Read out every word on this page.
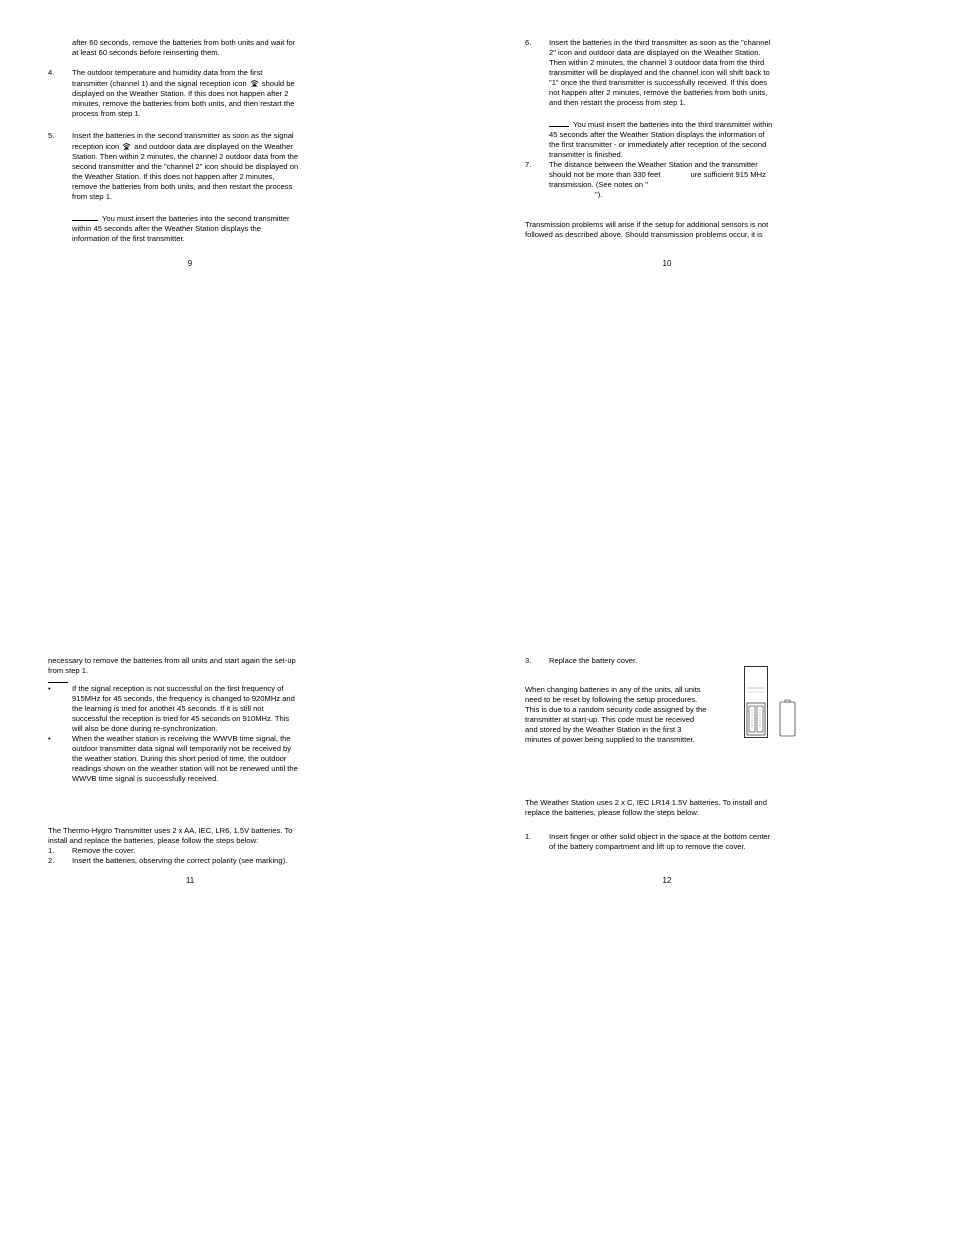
after 60 seconds, remove the batteries from both units and wait for
at least 60 seconds before reinserting them.

4.	The outdoor temperature and humidity data from the first
transmitter (channel 1) and the signal reception icon should be
displayed on the Weather Station. If this does not happen after 2
minutes, remove the batteries from both units, and then restart the
process from step 1.
5.	Insert the batteries in the second transmitter as soon as the signal
reception icon and outdoor data are displayed on the Weather
Station. Then within 2 minutes, the channel 2 outdoor data from the
second transmitter and the "channel 2" icon should be displayed on
the Weather Station. If this does not happen after 2 minutes,
remove the batteries from both units, and then restart the process
from step 1.
You must insert the batteries into the second transmitter
within 45 seconds after the Weather Station displays the
information of the first transmitter.
9
6.	Insert the batteries in the third transmitter as soon as the "channel
2" icon and outdoor data are displayed on the Weather Station.
Then within 2 minutes, the channel 3 outdoor data from the third
transmitter will be displayed and the channel icon will shift back to
"1" once the third transmitter is successfully received. If this does
not happen after 2 minutes, remove the batteries from both units,
and then restart the process from step 1.
You must insert the batteries into the third transmitter within
45 seconds after the Weather Station displays the information of
the first transmitter - or immediately after reception of the second
transmitter is finished.
7.	The distance between the Weather Station and the transmitter
should not be more than 330 feet	ure sufficient 915 MHz
transmission. (See notes on "
").

Transmission problems will arise if the setup for additional sensors is not
followed as described above. Should transmission problems occur, it is

10

necessary to remove the batteries from all units and start again the set-up
from step 1.

•	If the signal reception is not successful on the first frequency of
915MHz for 45 seconds, the frequency is changed to 920MHz and
the learning is tried for another 45 seconds. If it is still not
successful the reception is tried for 45 seconds on 910MHz. This
will also be done during re-synchronization.
•	When the weather station is receiving the WWVB time signal, the
outdoor transmitter data signal will temporarily not be received by
the weather station. During this short period of time, the outdoor
readings shown on the weather station will not be renewed until the
WWVB time signal is successfully received.

The Thermo-Hygro Transmitter uses 2 x AA, IEC, LR6, 1.5V batteries. To
install and replace the batteries, please follow the steps below:

1.	Remove the cover.
2.	Insert the batteries, observing the correct polarity (see marking).
11
3.	Replace the battery cover.
When changing batteries in any of the units, all units
need to be reset by following the setup procedures.
This is due to a random security code assigned by the
transmitter at start-up. This code must be received
and stored by the Weather Station in the first 3
minutes of power being supplied to the transmitter.

The Weather Station uses 2 x C, IEC LR14 1.5V batteries. To install and
replace the batteries, please follow the steps below:

1.	Insert finger or other solid object in the space at the bottom center
of the battery compartment and lift up to remove the cover.
12
